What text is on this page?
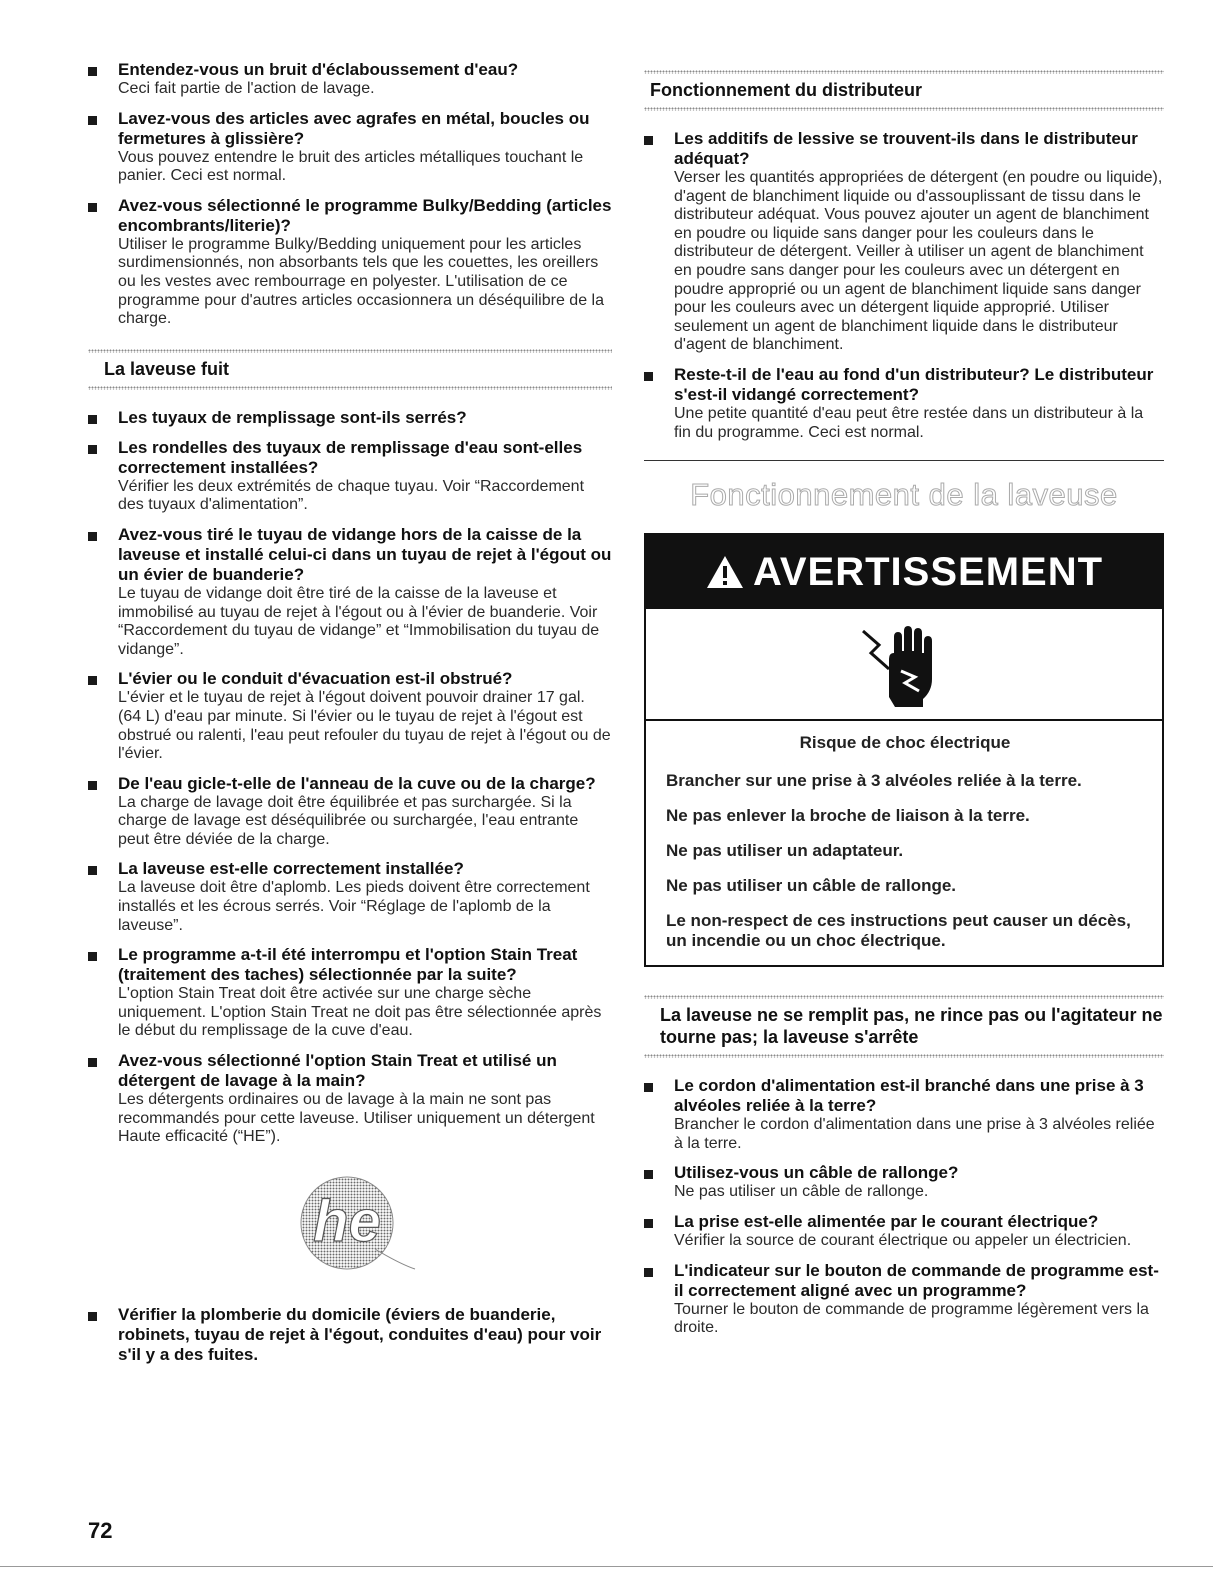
Entendez-vous un bruit d'éclaboussement d'eau?
Ceci fait partie de l'action de lavage.
Lavez-vous des articles avec agrafes en métal, boucles ou fermetures à glissière?
Vous pouvez entendre le bruit des articles métalliques touchant le panier. Ceci est normal.
Avez-vous sélectionné le programme Bulky/Bedding (articles encombrants/literie)?
Utiliser le programme Bulky/Bedding uniquement pour les articles surdimensionnés, non absorbants tels que les couettes, les oreillers ou les vestes avec rembourrage en polyester. L'utilisation de ce programme pour d'autres articles occasionnera un déséquilibre de la charge.
La laveuse fuit
Les tuyaux de remplissage sont-ils serrés?
Les rondelles des tuyaux de remplissage d'eau sont-elles correctement installées?
Vérifier les deux extrémités de chaque tuyau. Voir “Raccordement des tuyaux d'alimentation”.
Avez-vous tiré le tuyau de vidange hors de la caisse de la laveuse et installé celui-ci dans un tuyau de rejet à l'égout ou un évier de buanderie?
Le tuyau de vidange doit être tiré de la caisse de la laveuse et immobilisé au tuyau de rejet à l'égout ou à l'évier de buanderie. Voir “Raccordement du tuyau de vidange” et “Immobilisation du tuyau de vidange”.
L'évier ou le conduit d'évacuation est-il obstrué?
L'évier et le tuyau de rejet à l'égout doivent pouvoir drainer 17 gal. (64 L) d'eau par minute. Si l'évier ou le tuyau de rejet à l'égout est obstrué ou ralenti, l'eau peut refouler du tuyau de rejet à l'égout ou de l'évier.
De l'eau gicle-t-elle de l'anneau de la cuve ou de la charge?
La charge de lavage doit être équilibrée et pas surchargée. Si la charge de lavage est déséquilibrée ou surchargée, l'eau entrante peut être déviée de la charge.
La laveuse est-elle correctement installée?
La laveuse doit être d'aplomb. Les pieds doivent être correctement installés et les écrous serrés. Voir “Réglage de l'aplomb de la laveuse”.
Le programme a-t-il été interrompu et l'option Stain Treat (traitement des taches) sélectionnée par la suite?
L'option Stain Treat doit être activée sur une charge sèche uniquement. L'option Stain Treat ne doit pas être sélectionnée après le début du remplissage de la cuve d'eau.
Avez-vous sélectionné l'option Stain Treat et utilisé un détergent de lavage à la main?
Les détergents ordinaires ou de lavage à la main ne sont pas recommandés pour cette laveuse. Utiliser uniquement un détergent Haute efficacité (“HE”).
he
Vérifier la plomberie du domicile (éviers de buanderie, robinets, tuyau de rejet à l'égout, conduites d'eau) pour voir s'il y a des fuites.
Fonctionnement du distributeur
Les additifs de lessive se trouvent-ils dans le distributeur adéquat?
Verser les quantités appropriées de détergent (en poudre ou liquide), d'agent de blanchiment liquide ou d'assouplissant de tissu dans le distributeur adéquat. Vous pouvez ajouter un agent de blanchiment en poudre ou liquide sans danger pour les couleurs dans le distributeur de détergent. Veiller à utiliser un agent de blanchiment en poudre sans danger pour les couleurs avec un détergent en poudre approprié ou un agent de blanchiment liquide sans danger pour les couleurs avec un détergent liquide approprié. Utiliser seulement un agent de blanchiment liquide dans le distributeur d'agent de blanchiment.
Reste-t-il de l'eau au fond d'un distributeur? Le distributeur s'est-il vidangé correctement?
Une petite quantité d'eau peut être restée dans un distributeur à la fin du programme. Ceci est normal.
Fonctionnement de la laveuse
AVERTISSEMENT
Risque de choc électrique
Brancher sur une prise à 3 alvéoles reliée à la terre.
Ne pas enlever la broche de liaison à la terre.
Ne pas utiliser un adaptateur.
Ne pas utiliser un câble de rallonge.
Le non-respect de ces instructions peut causer un décès, un incendie ou un choc électrique.
La laveuse ne se remplit pas, ne rince pas ou l'agitateur ne tourne pas; la laveuse s'arrête
Le cordon d'alimentation est-il branché dans une prise à 3 alvéoles reliée à la terre?
Brancher le cordon d'alimentation dans une prise à 3 alvéoles reliée à la terre.
Utilisez-vous un câble de rallonge?
Ne pas utiliser un câble de rallonge.
La prise est-elle alimentée par le courant électrique?
Vérifier la source de courant électrique ou appeler un électricien.
L'indicateur sur le bouton de commande de programme est-il correctement aligné avec un programme?
Tourner le bouton de commande de programme légèrement vers la droite.
72
